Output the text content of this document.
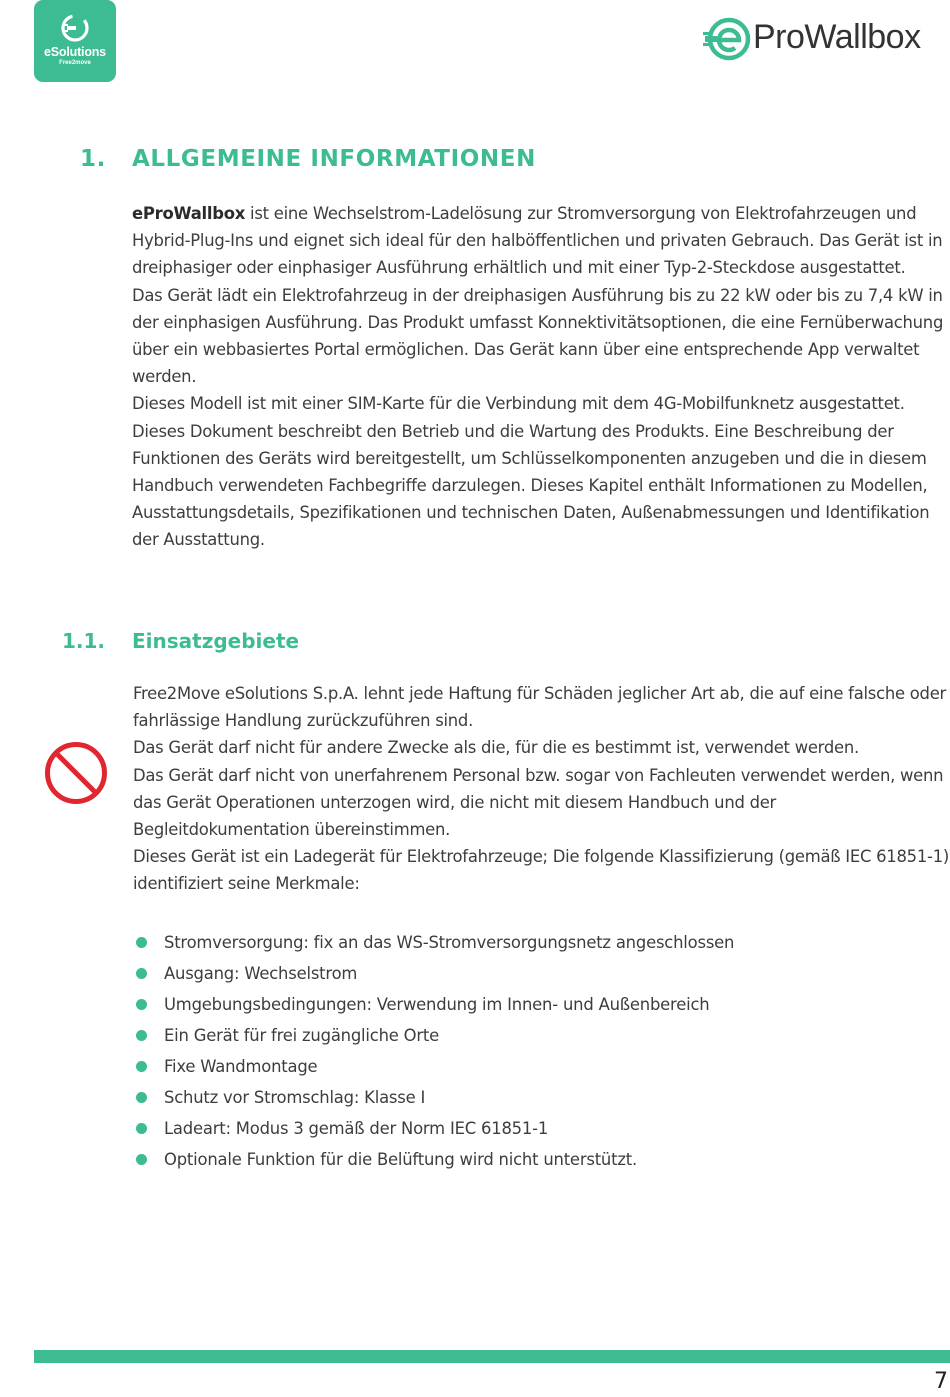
eSolutions
Free2move
ProWallbox
1. ALLGEMEINE INFORMATIONEN

eProWallbox ist eine Wechselstrom-Ladelösung zur Stromversorgung von Elektrofahrzeugen und Hybrid-Plug-Ins und eignet sich ideal für den halböffentlichen und privaten Gebrauch. Das Gerät ist in dreiphasiger oder einphasiger Ausführung erhältlich und mit einer Typ-2-Steckdose ausgestattet.

Das Gerät lädt ein Elektrofahrzeug in der dreiphasigen Ausführung bis zu 22 kW oder bis zu 7,4 kW in der einphasigen Ausführung. Das Produkt umfasst Konnektivitätsoptionen, die eine Fernüberwachung über ein webbasiertes Portal ermöglichen. Das Gerät kann über eine entsprechende App verwaltet werden.

Dieses Modell ist mit einer SIM-Karte für die Verbindung mit dem 4G-Mobilfunknetz ausgestattet.

Dieses Dokument beschreibt den Betrieb und die Wartung des Produkts. Eine Beschreibung der Funktionen des Geräts wird bereitgestellt, um Schlüsselkomponenten anzugeben und die in diesem Handbuch verwendeten Fachbegriffe darzulegen. Dieses Kapitel enthält Informationen zu Modellen, Ausstattungsdetails, Spezifikationen und technischen Daten, Außenabmessungen und Identifikation der Ausstattung.

1.1. Einsatzgebiete

Free2Move eSolutions S.p.A. lehnt jede Haftung für Schäden jeglicher Art ab, die auf eine falsche oder fahrlässige Handlung zurückzuführen sind.

Das Gerät darf nicht für andere Zwecke als die, für die es bestimmt ist, verwendet werden.

Das Gerät darf nicht von unerfahrenem Personal bzw. sogar von Fachleuten verwendet werden, wenn das Gerät Operationen unterzogen wird, die nicht mit diesem Handbuch und der Begleitdokumentation übereinstimmen.

Dieses Gerät ist ein Ladegerät für Elektrofahrzeuge; Die folgende Klassifizierung (gemäß IEC 61851-1) identifiziert seine Merkmale:

Stromversorgung: fix an das WS-Stromversorgungsnetz angeschlossen
Ausgang: Wechselstrom
Umgebungsbedingungen: Verwendung im Innen- und Außenbereich
Ein Gerät für frei zugängliche Orte
Fixe Wandmontage
Schutz vor Stromschlag: Klasse I
Ladeart: Modus 3 gemäß der Norm IEC 61851-1
Optionale Funktion für die Belüftung wird nicht unterstützt.
7
